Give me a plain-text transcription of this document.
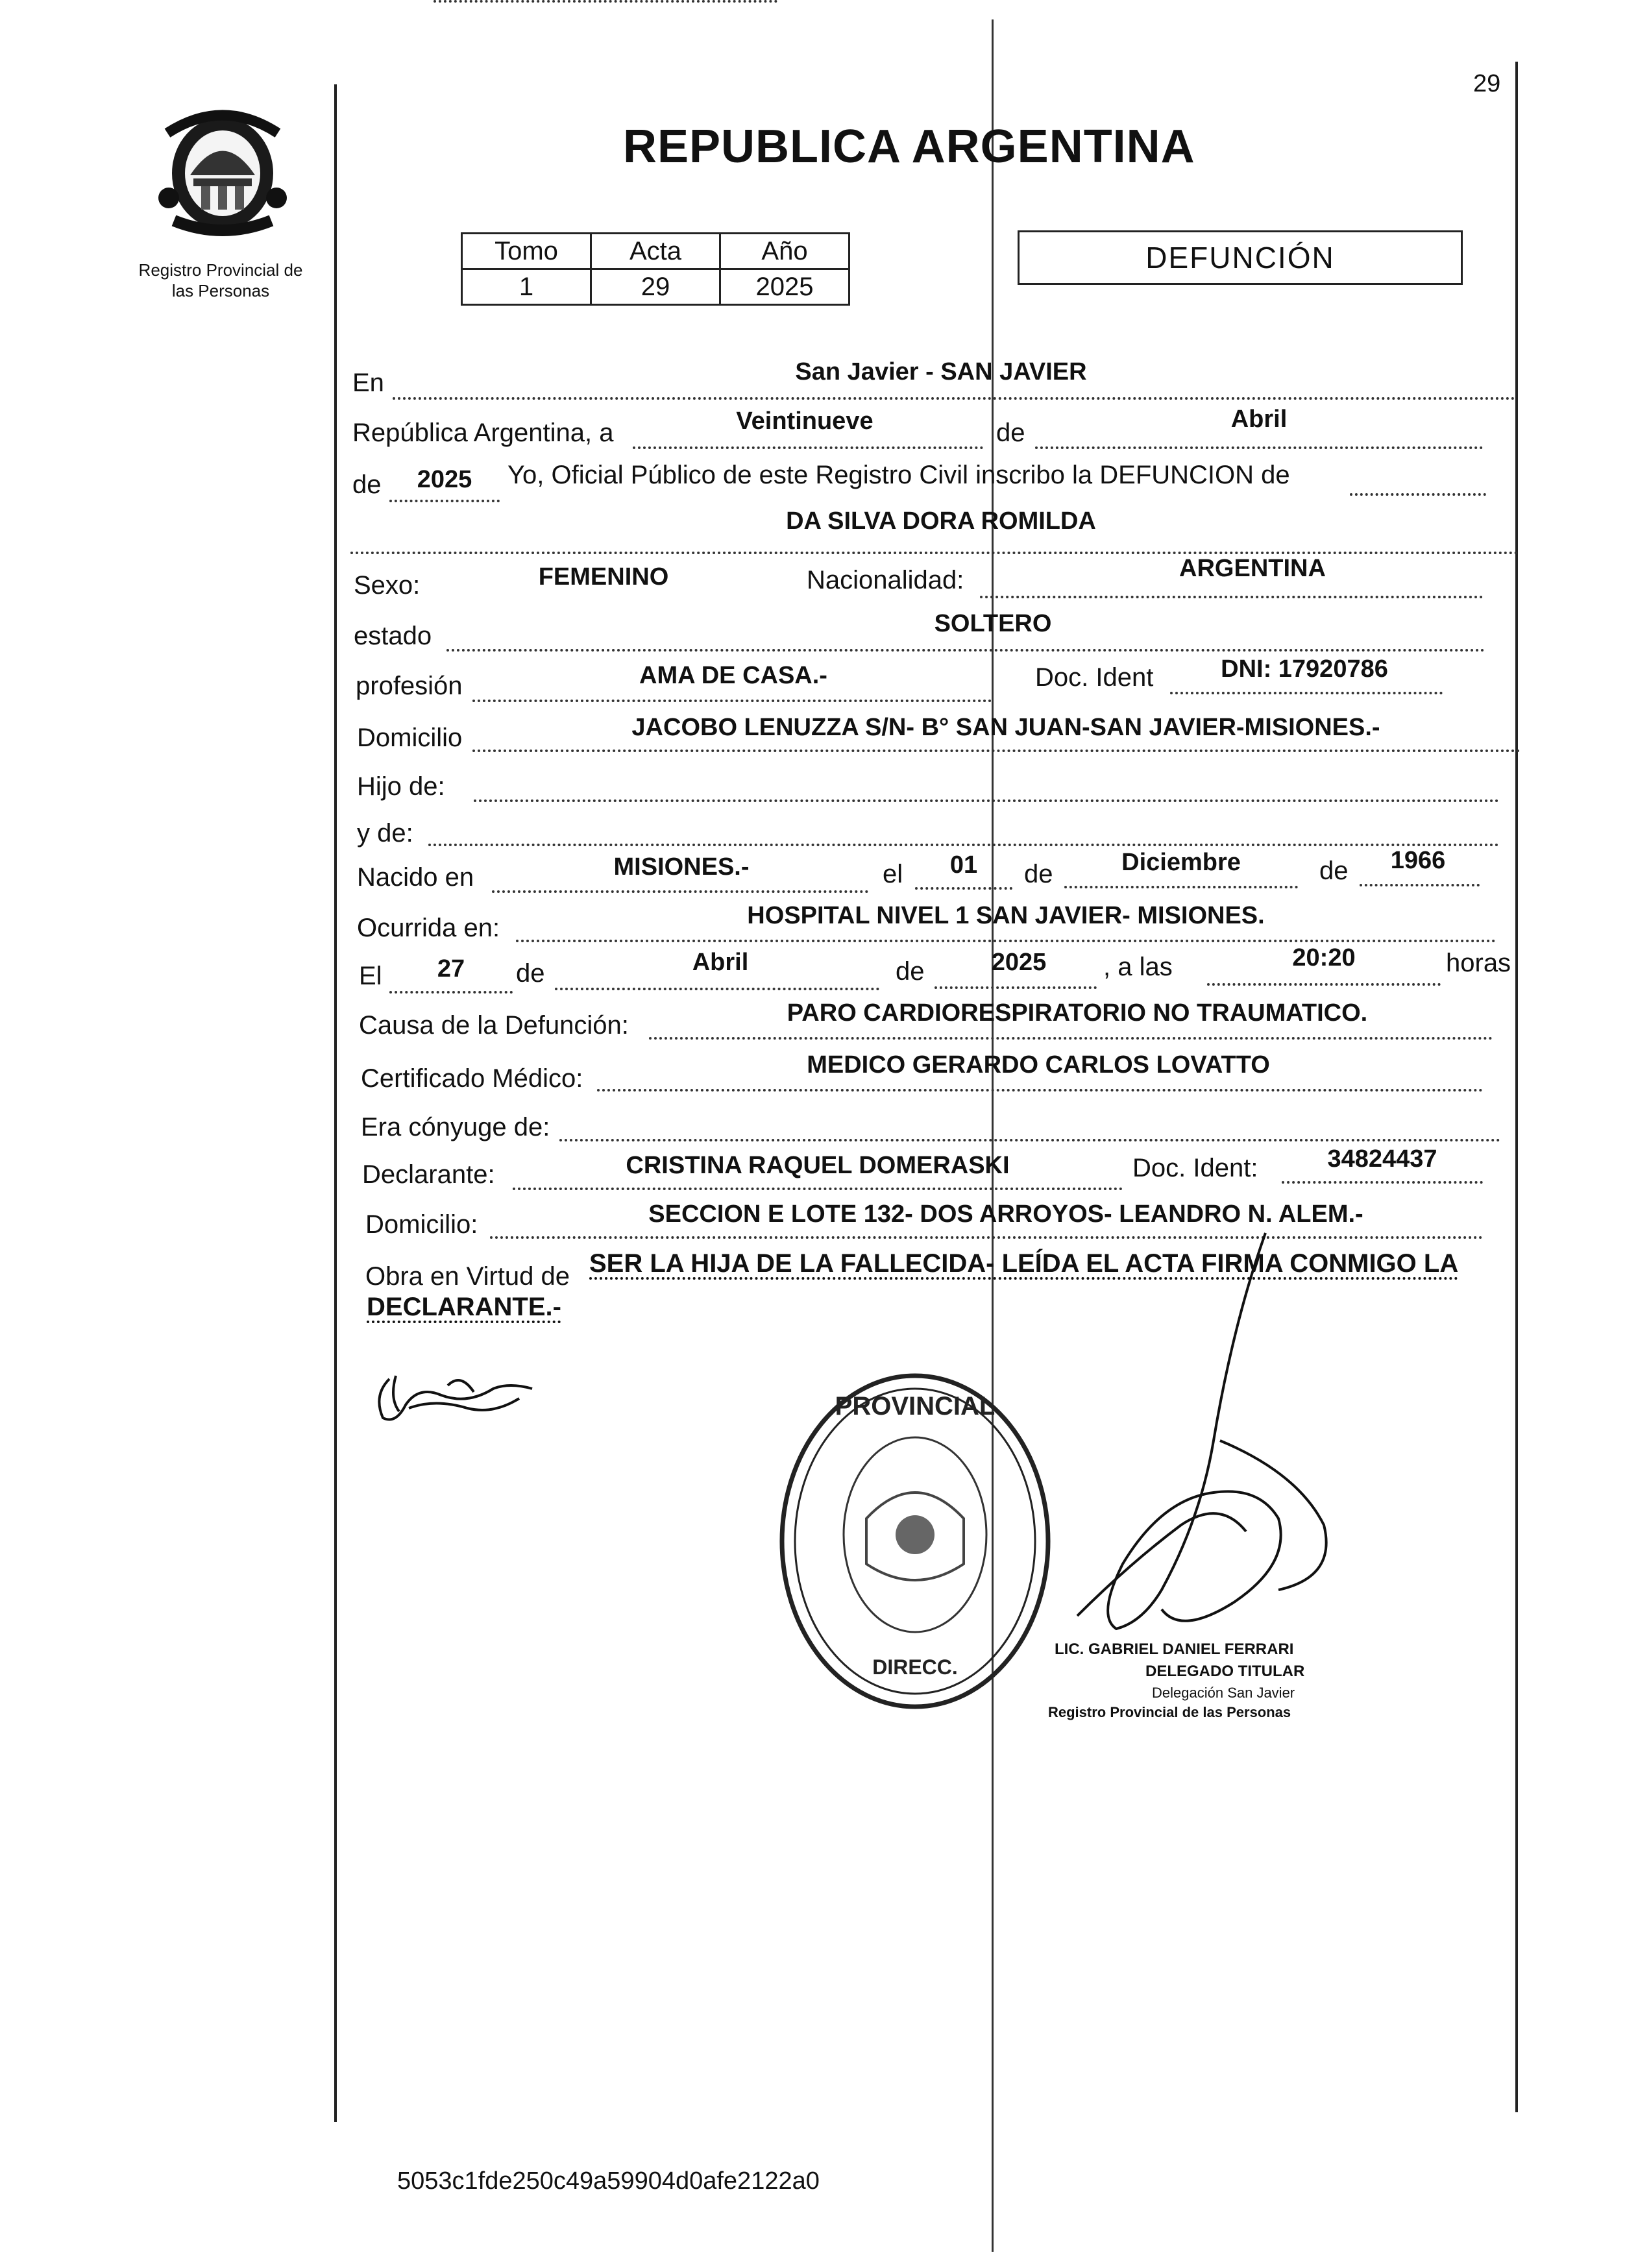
Registro Provincial de
las Personas
29
REPUBLICA ARGENTINA
Tomo	Acta	Año
1	29	2025
DEFUNCIÓN
En	San Javier - SAN JAVIER
República Argentina, a	Veintinueve	de	Abril
de	2025	Yo, Oficial Público de este Registro Civil inscribo la DEFUNCION de
DA SILVA DORA ROMILDA
Sexo:	FEMENINO	Nacionalidad:	ARGENTINA
estado	SOLTERO
profesión	AMA DE CASA.-	Doc. Ident	DNI: 17920786
Domicilio	JACOBO LENUZZA S/N- B° SAN JUAN-SAN JAVIER-MISIONES.-
Hijo de:
y de:
Nacido en	MISIONES.-	el	01	de	Diciembre	de	1966
Ocurrida en:	HOSPITAL NIVEL 1 SAN JAVIER- MISIONES.
El	27	de	Abril	de	2025	, a las	20:20	horas
Causa de la Defunción:	PARO CARDIORESPIRATORIO NO TRAUMATICO.
Certificado Médico:	MEDICO GERARDO CARLOS LOVATTO
Era cónyuge de:
Declarante:	CRISTINA RAQUEL DOMERASKI	Doc. Ident:	34824437
Domicilio:	SECCION E LOTE 132- DOS ARROYOS- LEANDRO N. ALEM.-
Obra en Virtud de SER LA HIJA DE LA FALLECIDA- LEÍDA EL ACTA FIRMA CONMIGO LA
DECLARANTE.-
PROVINCIAL
DIRECC.
LIC. GABRIEL DANIEL FERRARI
DELEGADO TITULAR
Delegación San Javier
Registro Provincial de las Personas
5053c1fde250c49a59904d0afe2122a0
